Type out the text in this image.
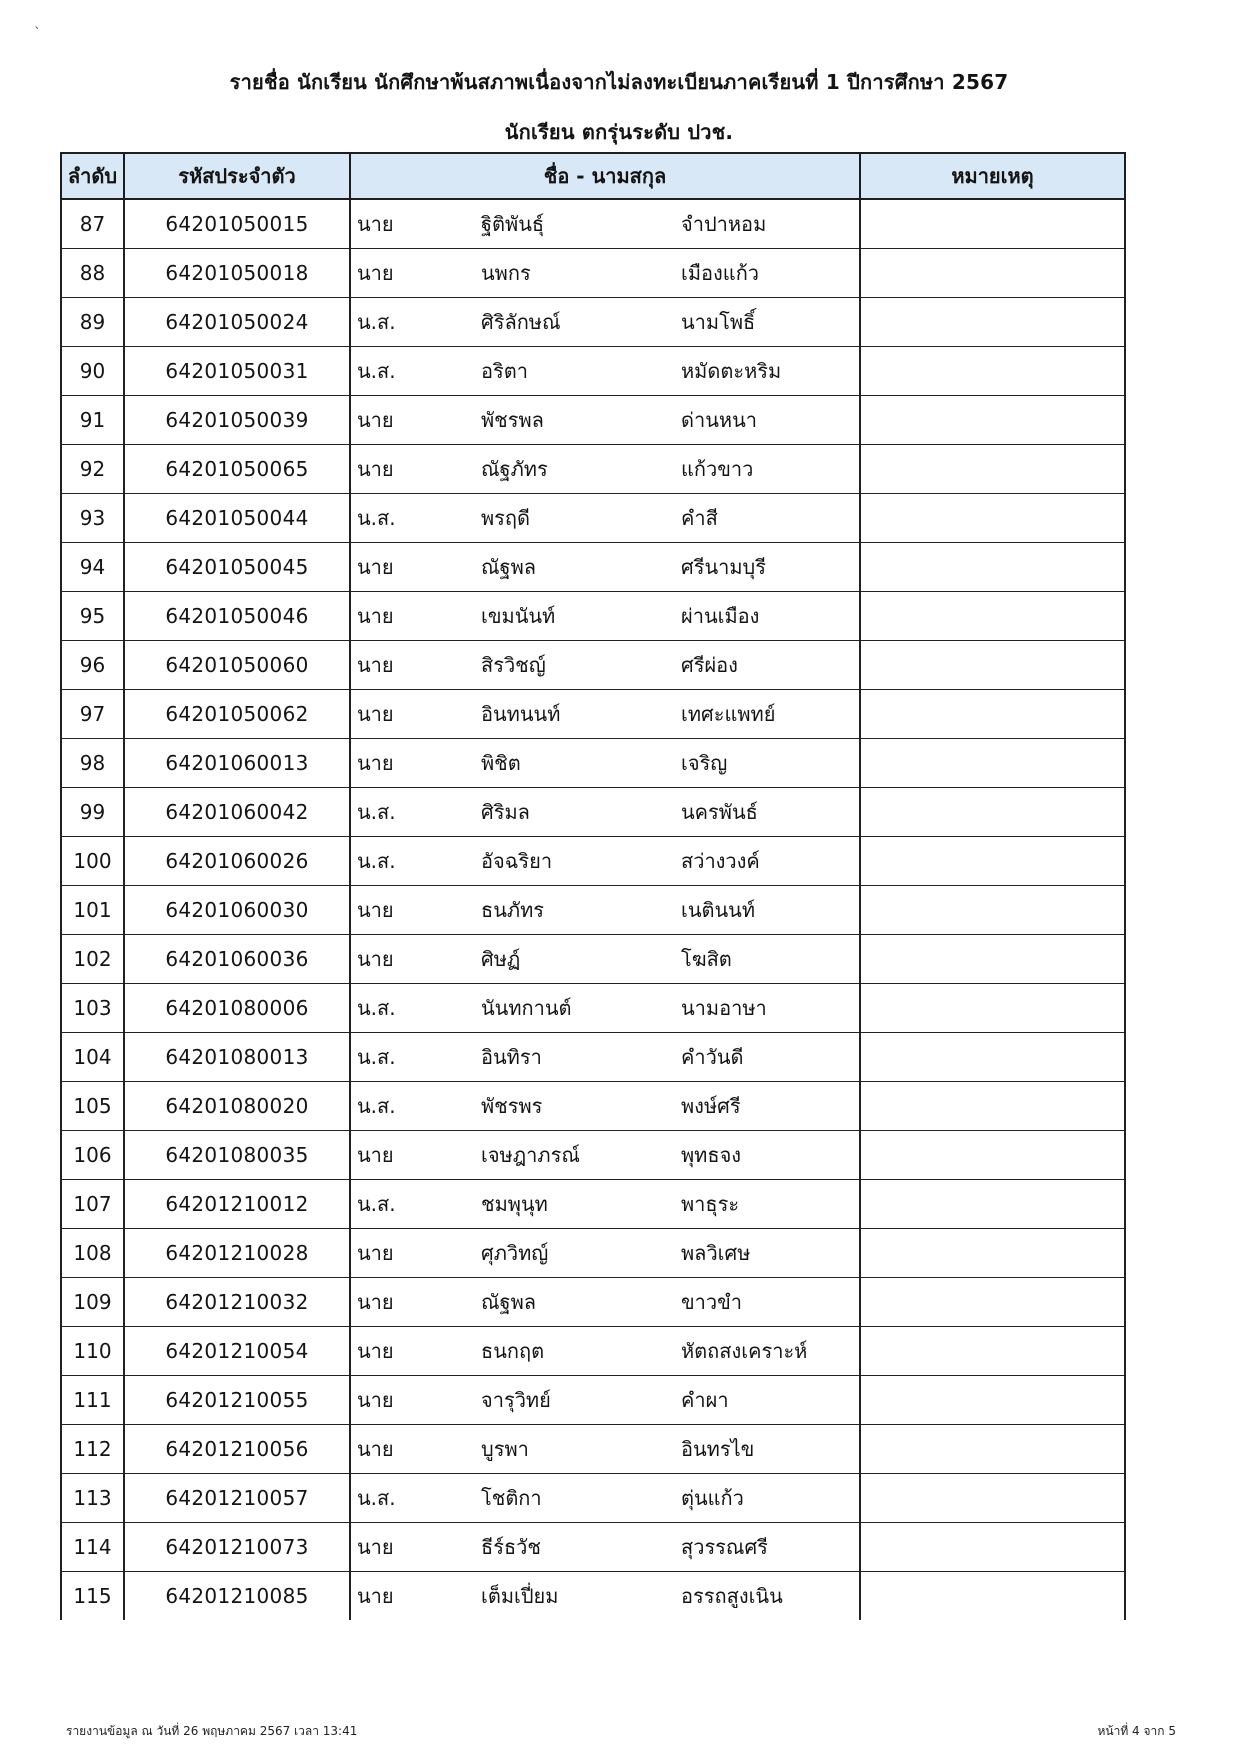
`
รายชื่อ นักเรียน นักศึกษาพ้นสภาพเนื่องจากไม่ลงทะเบียนภาคเรียนที่ 1 ปีการศึกษา 2567
นักเรียน ตกรุ่นระดับ ปวช.
ลำดับ	รหัสประจำตัว	ชื่อ - นามสกุล	หมายเหตุ
87	64201050015	นาย ฐิติพันธุ์ จำปาหอม	

88	64201050018	นาย นพกร เมืองแก้ว	

89	64201050024	น.ส. ศิริลักษณ์ นามโพธิ์	

90	64201050031	น.ส. อริตา หมัดตะหริม	

91	64201050039	นาย พัชรพล ด่านหนา	

92	64201050065	นาย ณัฐภัทร แก้วขาว	

93	64201050044	น.ส. พรฤดี คำสี	

94	64201050045	นาย ณัฐพล ศรีนามบุรี	

95	64201050046	นาย เขมนันท์ ผ่านเมือง	

96	64201050060	นาย สิรวิชญ์ ศรีผ่อง	

97	64201050062	นาย อินทนนท์ เทศะแพทย์	

98	64201060013	นาย พิชิต เจริญ	

99	64201060042	น.ส. ศิริมล นครพันธ์	

100	64201060026	น.ส. อัจฉริยา สว่างวงค์	

101	64201060030	นาย ธนภัทร เนตินนท์	

102	64201060036	นาย ศิษฏ์ โฆสิต	

103	64201080006	น.ส. นันทกานต์ นามอาษา	

104	64201080013	น.ส. อินทิรา คำวันดี	

105	64201080020	น.ส. พัชรพร พงษ์ศรี	

106	64201080035	นาย เจษฎาภรณ์ พุทธจง	

107	64201210012	น.ส. ชมพุนุท พาธุระ	

108	64201210028	นาย ศุภวิทญ์ พลวิเศษ	

109	64201210032	นาย ณัฐพล ขาวขำ	

110	64201210054	นาย ธนกฤต หัตถสงเคราะห์	

111	64201210055	นาย จารุวิทย์ คำผา	

112	64201210056	นาย บูรพา อินทรไข	

113	64201210057	น.ส. โชติกา ตุ่นแก้ว	

114	64201210073	นาย ธีร์ธวัช สุวรรณศรี	

115	64201210085	นาย เต็มเปี่ยม อรรถสูงเนิน	

รายงานข้อมูล ณ วันที่ 26 พฤษภาคม 2567 เวลา 13:41	หน้าที่ 4 จาก 5
